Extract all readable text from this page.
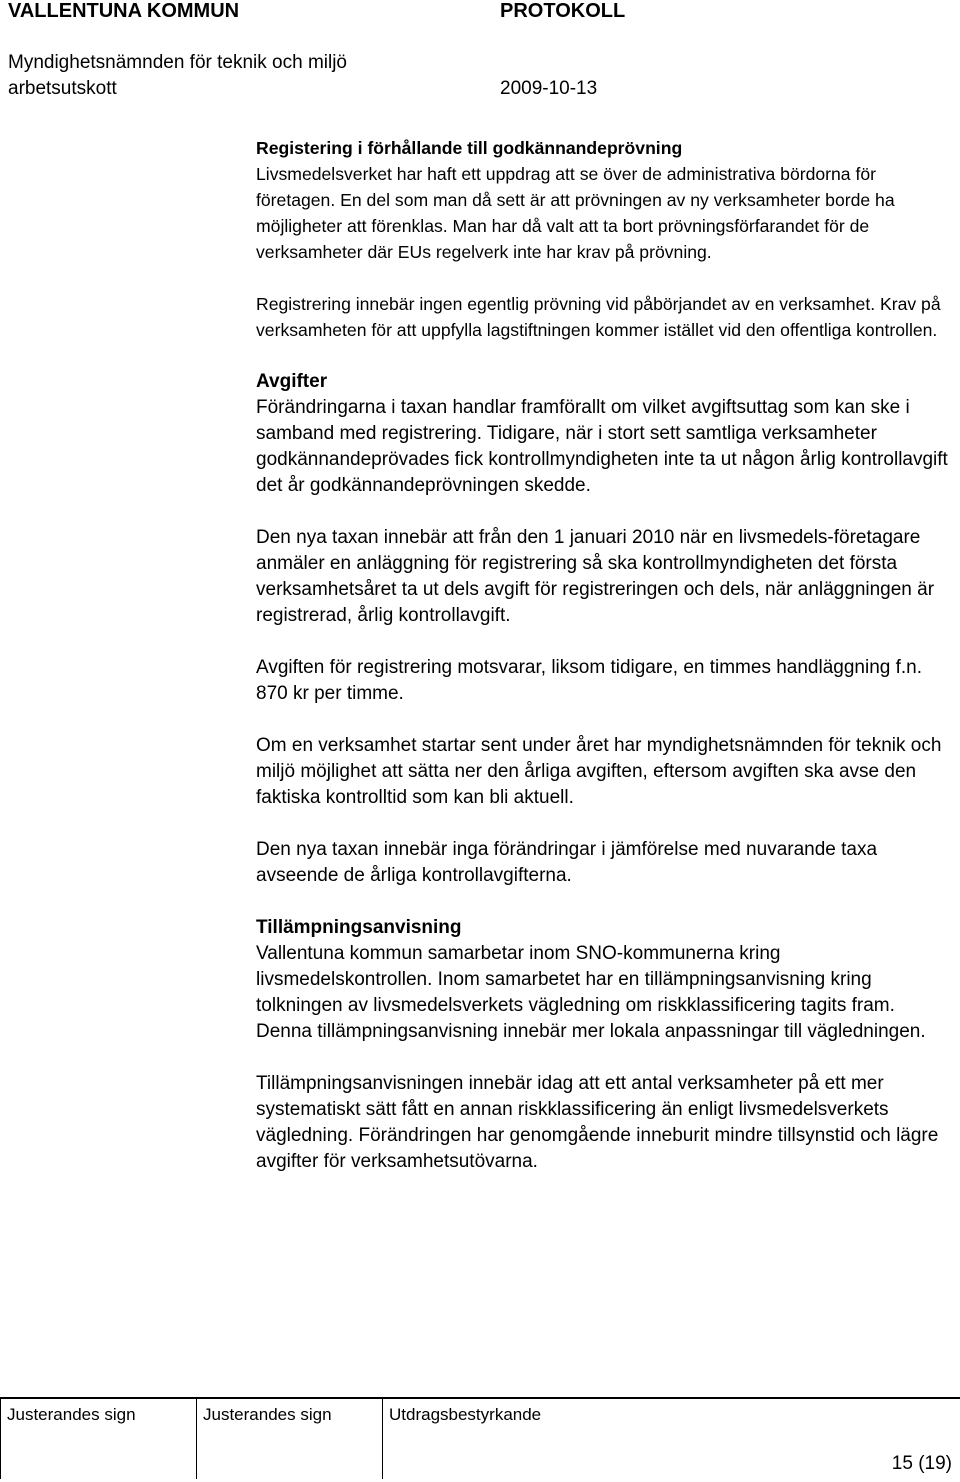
VALLENTUNA KOMMUN	PROTOKOLL
Myndighetsnämnden för teknik och miljö
arbetsutskott	2009-10-13

Registering i förhållande till godkännandeprövning

Livsmedelsverket har haft ett uppdrag att se över de administrativa bördorna för företagen. En del som man då sett är att prövningen av ny verksamheter borde ha möjligheter att förenklas. Man har då valt att ta bort prövningsförfarandet för de verksamheter där EUs regelverk inte har krav på prövning.

Registrering innebär ingen egentlig prövning vid påbörjandet av en verksamhet. Krav på verksamheten för att uppfylla lagstiftningen kommer istället vid den offentliga kontrollen.

Avgifter

Förändringarna i taxan handlar framförallt om vilket avgiftsuttag som kan ske i samband med registrering. Tidigare, när i stort sett samtliga verksamheter godkännandeprövades fick kontrollmyndigheten inte ta ut någon årlig kontrollavgift det år godkännandeprövningen skedde.

Den nya taxan innebär att från den 1 januari 2010 när en livsmedels-företagare anmäler en anläggning för registrering så ska kontrollmyndigheten det första verksamhetsåret ta ut dels avgift för registreringen och dels, när anläggningen är registrerad, årlig kontrollavgift.

Avgiften för registrering motsvarar, liksom tidigare, en timmes handläggning f.n. 870 kr per timme.

Om en verksamhet startar sent under året har myndighetsnämnden för teknik och miljö möjlighet att sätta ner den årliga avgiften, eftersom avgiften ska avse den faktiska kontrolltid som kan bli aktuell.

Den nya taxan innebär inga förändringar i jämförelse med nuvarande taxa avseende de årliga kontrollavgifterna.

Tillämpningsanvisning

Vallentuna kommun samarbetar inom SNO-kommunerna kring livsmedelskontrollen. Inom samarbetet har en tillämpningsanvisning kring tolkningen av livsmedelsverkets vägledning om riskklassificering tagits fram. Denna tillämpningsanvisning innebär mer lokala anpassningar till vägledningen.

Tillämpningsanvisningen innebär idag att ett antal verksamheter på ett mer systematiskt sätt fått en annan riskklassificering än enligt livsmedelsverkets vägledning. Förändringen har genomgående inneburit mindre tillsynstid och lägre avgifter för verksamhetsutövarna.

Justerandes sign	Justerandes sign	Utdragsbestyrkande
15 (19)
